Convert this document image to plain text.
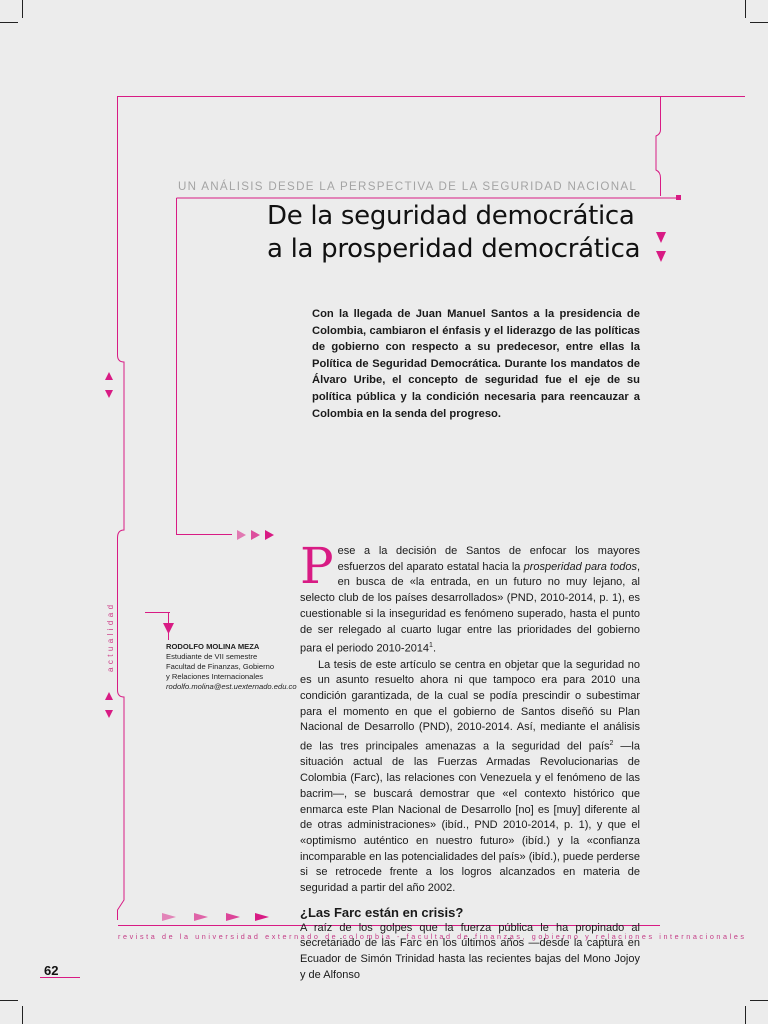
UN ANÁLISIS DESDE LA PERSPECTIVA DE LA SEGURIDAD NACIONAL
De la seguridad democrática
a la prosperidad democrática
Con la llegada de Juan Manuel Santos a la presidencia de Colombia, cambiaron el énfasis y el liderazgo de las políticas de gobierno con respecto a su predecesor, entre ellas la Política de Seguridad Democrática. Durante los mandatos de Álvaro Uribe, el concepto de seguridad fue el eje de su política pública y la condición necesaria para reencauzar a Colombia en la senda del progreso.
actualidad	RODOLFO MOLINA MEZA
Estudiante de VII semestre
Facultad de Finanzas, Gobierno
y Relaciones Internacionales
rodolfo.molina@est.uexternado.edu.co

Pese a la decisión de Santos de enfocar los mayores esfuerzos del aparato estatal hacia la prosperidad para todos, en busca de «la entrada, en un futuro no muy lejano, al selecto club de los países desarrollados» (PND, 2010-2014, p. 1), es cuestionable si la inseguridad es fenómeno superado, hasta el punto de ser relegado al cuarto lugar entre las prioridades del gobierno para el periodo 2010-2014$^1$.

La tesis de este artículo se centra en objetar que la seguridad no es un asunto resuelto ahora ni que tampoco era para 2010 una condición garantizada, de la cual se podía prescindir o subestimar para el momento en que el gobierno de Santos diseñó su Plan Nacional de Desarrollo (PND), 2010-2014. Así, mediante el análisis de las tres principales amenazas a la seguridad del país$^2$ —la situación actual de las Fuerzas Armadas Revolucionarias de Colombia (Farc), las relaciones con Venezuela y el fenómeno de las bacrim—, se buscará demostrar que «el contexto histórico que enmarca este Plan Nacional de Desarrollo [no] es [muy] diferente al de otras administraciones» (ibíd., PND 2010-2014, p. 1), y que el «optimismo auténtico en nuestro futuro» (ibíd.) y la «confianza incomparable en las potencialidades del país» (ibíd.), puede perderse si se retrocede frente a los logros alcanzados en materia de seguridad a partir del año 2002.

¿Las Farc están en crisis?

A raíz de los golpes que la fuerza pública le ha propinado al secretariado de las Farc en los últimos años —desde la captura en Ecuador de Simón Trinidad hasta las recientes bajas del Mono Jojoy y de Alfonso

revista de la universidad externado de colombia - facultad de finanzas, gobierno y relaciones internacionales
62
